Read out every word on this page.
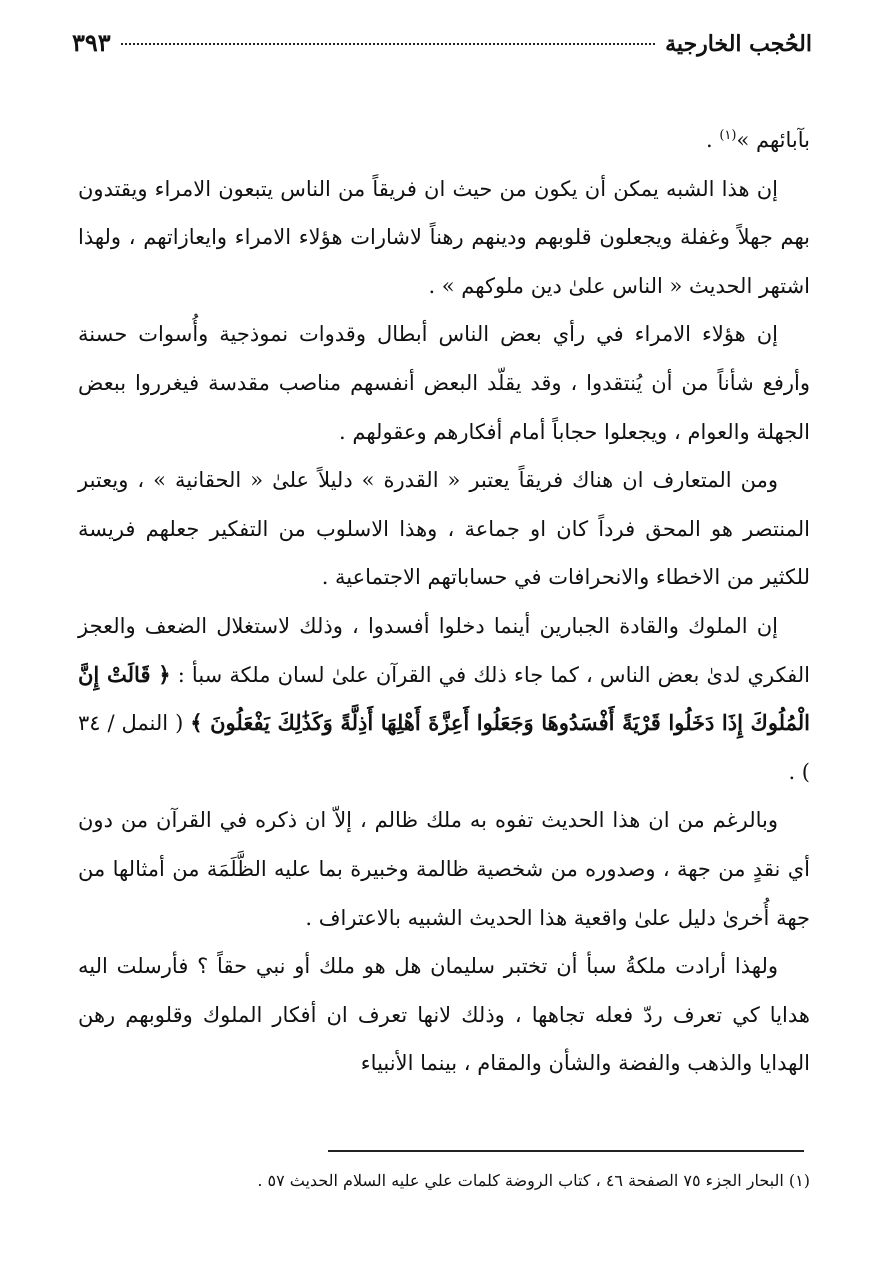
الحُجب الخارجية
٣٩٣

بآبائهم »$^{(١)}$ .

إن هذا الشبه يمكن أن يكون من حيث ان فريقاً من الناس يتبعون الامراء ويقتدون بهم جهلاً وغفلة ويجعلون قلوبهم ودينهم رهناً لاشارات هؤلاء الامراء وايعازاتهم ، ولهذا اشتهر الحديث « الناس علىٰ دين ملوكهم » .

إن هؤلاء الامراء في رأي بعض الناس أبطال وقدوات نموذجية وأُسوات حسنة وأرفع شأناً من أن يُنتقدوا ، وقد يقلّد البعض أنفسهم مناصب مقدسة فيغرروا ببعض الجهلة والعوام ، ويجعلوا حجاباً أمام أفكارهم وعقولهم .

ومن المتعارف ان هناك فريقاً يعتبر « القدرة » دليلاً علىٰ « الحقانية » ، ويعتبر المنتصر هو المحق فرداً كان او جماعة ، وهذا الاسلوب من التفكير جعلهم فريسة للكثير من الاخطاء والانحرافات في حساباتهم الاجتماعية .

إن الملوك والقادة الجبارين أينما دخلوا أفسدوا ، وذلك لاستغلال الضعف والعجز الفكري لدىٰ بعض الناس ، كما جاء ذلك في القرآن علىٰ لسان ملكة سبأ : ﴿ قَالَتْ إِنَّ الْمُلُوكَ إِذَا دَخَلُوا قَرْيَةً أَفْسَدُوهَا وَجَعَلُوا أَعِزَّةَ أَهْلِهَا أَذِلَّةً وَكَذَٰلِكَ يَفْعَلُونَ ﴾ ( النمل / ٣٤ ) .

وبالرغم من ان هذا الحديث تفوه به ملك ظالم ، إلاّ ان ذكره في القرآن من دون أي نقدٍ من جهة ، وصدوره من شخصية ظالمة وخبيرة بما عليه الظَّلَمَة من أمثالها من جهة أُخرىٰ دليل علىٰ واقعية هذا الحديث الشبيه بالاعتراف .

ولهذا أرادت ملكةُ سبأ أن تختبر سليمان هل هو ملك أو نبي حقاً ؟ فأرسلت اليه هدايا كي تعرف ردّ فعله تجاهها ، وذلك لانها تعرف ان أفكار الملوك وقلوبهم رهن الهدايا والذهب والفضة والشأن والمقام ، بينما الأنبياء

(١) البحار الجزء ٧٥ الصفحة ٤٦ ، كتاب الروضة كلمات علي عليه السلام الحديث ٥٧ .
